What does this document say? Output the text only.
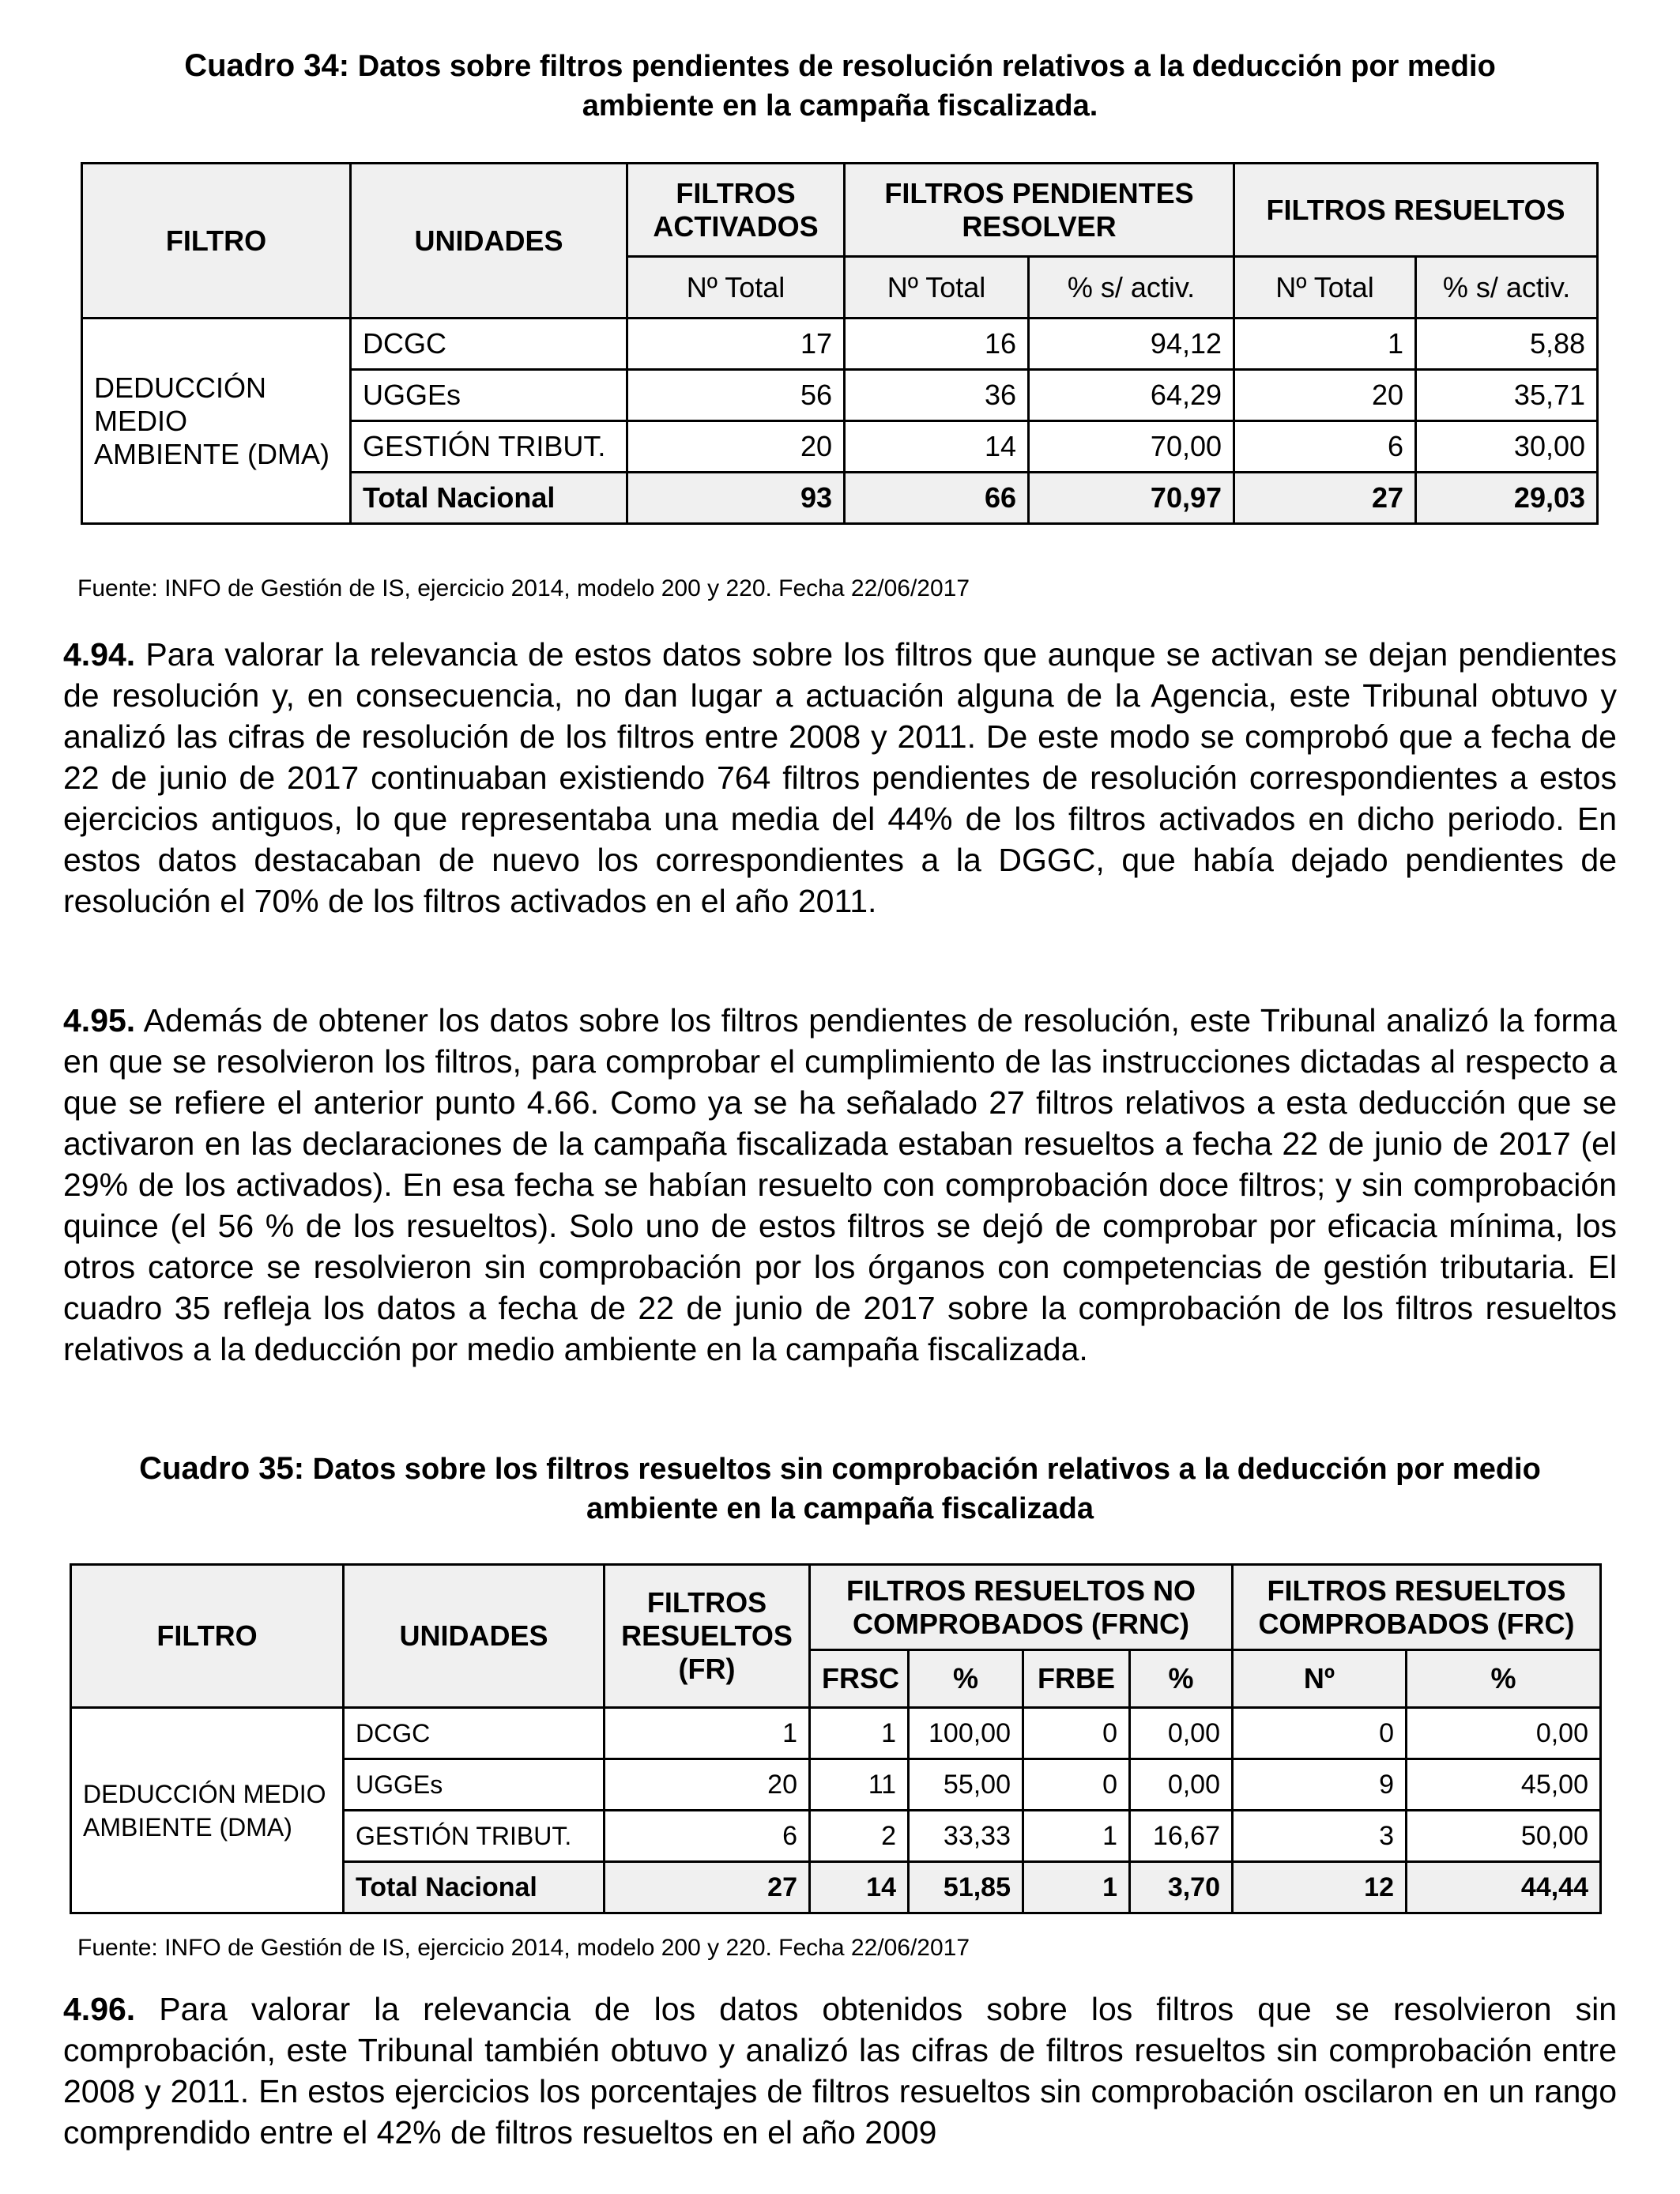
Cuadro 34: Datos sobre filtros pendientes de resolución relativos a la deducción por medio
ambiente en la campaña fiscalizada.
FILTRO	UNIDADES	FILTROS ACTIVADOS	FILTROS PENDIENTES RESOLVER		FILTROS RESUELTOS	
		Nº Total	Nº Total	% s/ activ.	Nº Total	% s/ activ.
DEDUCCIÓN MEDIO AMBIENTE (DMA)	DCGC	17	16	94,12	1	5,88
	UGGEs	56	36	64,29	20	35,71
	GESTIÓN TRIBUT.	20	14	70,00	6	30,00
	Total Nacional	93	66	70,97	27	29,03
Fuente: INFO de Gestión de IS, ejercicio 2014, modelo 200 y 220. Fecha 22/06/2017
4.94. Para valorar la relevancia de estos datos sobre los filtros que aunque se activan se dejan pendientes de resolución y, en consecuencia, no dan lugar a actuación alguna de la Agencia, este Tribunal obtuvo y analizó las cifras de resolución de los filtros entre 2008 y 2011. De este modo se comprobó que a fecha de 22 de junio de 2017 continuaban existiendo 764 filtros pendientes de resolución correspondientes a estos ejercicios antiguos, lo que representaba una media del 44% de los filtros activados en dicho periodo. En estos datos destacaban de nuevo los correspondientes a la DGGC, que había dejado pendientes de resolución el 70% de los filtros activados en el año 2011.
4.95. Además de obtener los datos sobre los filtros pendientes de resolución, este Tribunal analizó la forma en que se resolvieron los filtros, para comprobar el cumplimiento de las instrucciones dictadas al respecto a que se refiere el anterior punto 4.66. Como ya se ha señalado 27 filtros relativos a esta deducción que se activaron en las declaraciones de la campaña fiscalizada estaban resueltos a fecha 22 de junio de 2017 (el 29% de los activados). En esa fecha se habían resuelto con comprobación doce filtros; y sin comprobación quince (el 56 % de los resueltos). Solo uno de estos filtros se dejó de comprobar por eficacia mínima, los otros catorce se resolvieron sin comprobación por los órganos con competencias de gestión tributaria. El cuadro 35 refleja los datos a fecha de 22 de junio de 2017 sobre la comprobación de los filtros resueltos relativos a la deducción por medio ambiente en la campaña fiscalizada.
Cuadro 35: Datos sobre los filtros resueltos sin comprobación relativos a la deducción por medio
ambiente en la campaña fiscalizada
FILTRO	UNIDADES	FILTROS RESUELTOS (FR)	FILTROS RESUELTOS NO COMPROBADOS (FRNC)				FILTROS RESUELTOS COMPROBADOS (FRC)	
			FRSC	%	FRBE	%	Nº	%
DEDUCCIÓN MEDIO AMBIENTE (DMA)	DCGC	1	1	100,00	0	0,00	0	0,00
	UGGEs	20	11	55,00	0	0,00	9	45,00
	GESTIÓN TRIBUT.	6	2	33,33	1	16,67	3	50,00
	Total Nacional	27	14	51,85	1	3,70	12	44,44
Fuente: INFO de Gestión de IS, ejercicio 2014, modelo 200 y 220. Fecha 22/06/2017
4.96. Para valorar la relevancia de los datos obtenidos sobre los filtros que se resolvieron sin comprobación, este Tribunal también obtuvo y analizó las cifras de filtros resueltos sin comprobación entre 2008 y 2011. En estos ejercicios los porcentajes de filtros resueltos sin comprobación oscilaron en un rango comprendido entre el 42% de filtros resueltos en el año 2009
